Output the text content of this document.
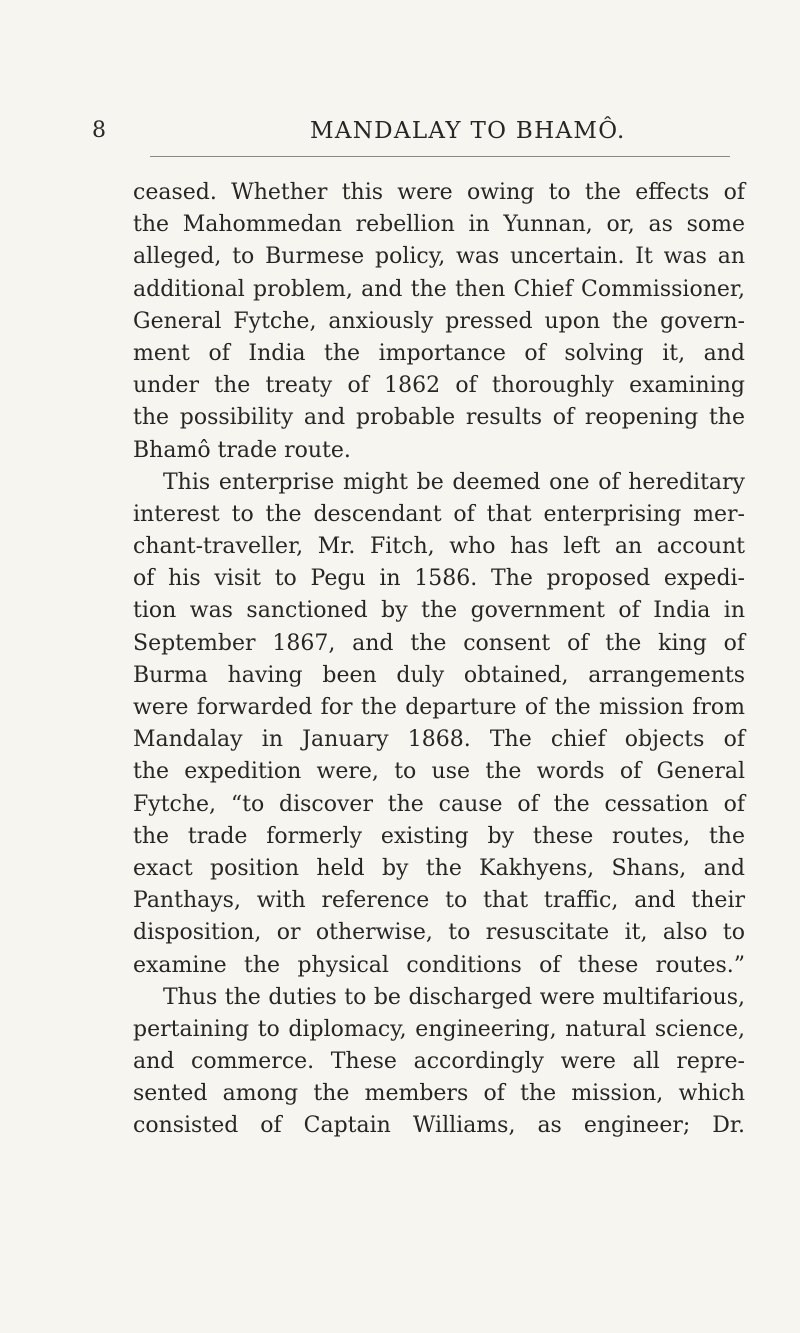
8	MANDALAY TO BHAMÔ.
ceased. Whether this were owing to the effects of
the Mahommedan rebellion in Yunnan, or, as some
alleged, to Burmese policy, was uncertain. It was an
additional problem, and the then Chief Commissioner,
General Fytche, anxiously pressed upon the govern-
ment of India the importance of solving it, and
under the treaty of 1862 of thoroughly examining
the possibility and probable results of reopening the
Bhamô trade route.
This enterprise might be deemed one of hereditary
interest to the descendant of that enterprising mer-
chant-traveller, Mr. Fitch, who has left an account
of his visit to Pegu in 1586. The proposed expedi-
tion was sanctioned by the government of India in
September 1867, and the consent of the king of
Burma having been duly obtained, arrangements
were forwarded for the departure of the mission from
Mandalay in January 1868. The chief objects of
the expedition were, to use the words of General
Fytche, “to discover the cause of the cessation of
the trade formerly existing by these routes, the
exact position held by the Kakhyens, Shans, and
Panthays, with reference to that traffic, and their
disposition, or otherwise, to resuscitate it, also to
examine the physical conditions of these routes.”
Thus the duties to be discharged were multifarious,
pertaining to diplomacy, engineering, natural science,
and commerce. These accordingly were all repre-
sented among the members of the mission, which
consisted of Captain Williams, as engineer; Dr.
